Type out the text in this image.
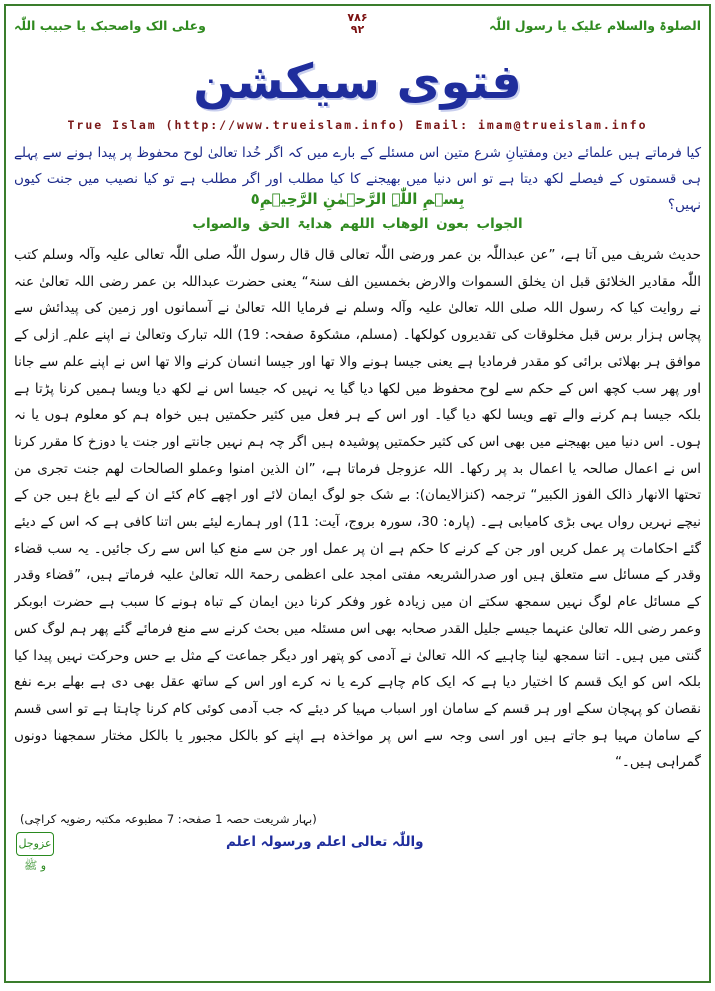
الصلوۃ والسلام علیک یا رسول اللّٰہ
۷۸۶
۹۲
وعلی الک واصحبک یا حبیب اللّٰہ
فتوی سیکشن
True Islam (http://www.trueislam.info) Email: imam@trueislam.info
کیا فرماتے ہیں علمائے دین ومفتیانِ شرع متین اس مسئلے کے بارے میں کہ اگر خُدا تعالیٰ لوح محفوظ پر پیدا ہونے سے پہلے ہی قسمتوں کے فیصلے لکھ دیتا ہے تو اس دنیا میں بھیجنے کا کیا مطلب اور اگر مطلب ہے تو کیا نصیب میں جنت کیوں نہیں؟
بِسۡمِ اللّٰہِ الرَّحۡمٰنِ الرَّحِیۡمِ٥
الجواب بعون الوھاب اللھم ھدایۃ الحق والصواب
حدیث شریف میں آتا ہے، ”عن عبداللّٰہ بن عمر ورضی اللّٰہ تعالی قال قال رسول اللّٰہ صلی اللّٰہ تعالی علیہ وآلہ وسلم کتب اللّٰہ مقادیر الخلائق قبل ان یخلق السموات والارض بخمسین الف سنۃ“ یعنی حضرت عبداللہ بن عمر رضی اللہ تعالیٰ عنہ نے روایت کیا کہ رسول اللہ صلی اللہ تعالیٰ علیہ وآلہ وسلم نے فرمایا اللہ تعالیٰ نے آسمانوں اور زمین کی پیدائش سے پچاس ہزار برس قبل مخلوقات کی تقدیروں کولکھا۔ (مسلم، مشکوۃ صفحہ: 19) اللہ تبارک وتعالیٰ نے اپنے علم ِ ازلی کے موافق ہر بھلائی برائی کو مقدر فرمادیا ہے یعنی جیسا ہونے والا تھا اور جیسا انسان کرنے والا تھا اس نے اپنے علم سے جانا اور پھر سب کچھ اس کے حکم سے لوح محفوظ میں لکھا دیا گیا یہ نہیں کہ جیسا اس نے لکھ دیا ویسا ہمیں کرنا پڑتا ہے بلکہ جیسا ہم کرنے والے تھے ویسا لکھ دیا گیا۔ اور اس کے ہر فعل میں کثیر حکمتیں ہیں خواہ ہم کو معلوم ہوں یا نہ ہوں۔ اس دنیا میں بھیجنے میں بھی اس کی کثیر حکمتیں پوشیدہ ہیں اگر چہ ہم نہیں جانتے اور جنت یا دوزخ کا مقرر کرنا اس نے اعمال صالحہ یا اعمال بد پر رکھا۔ اللہ عزوجل فرماتا ہے، ”ان الذین امنوا وعملو الصالحات لھم جنت تجری من تحتھا الانھار ذالک الفوز الکبیر“ ترجمہ (کنزالایمان): بے شک جو لوگ ایمان لائے اور اچھے کام کئے ان کے لیے باغ ہیں جن کے نیچے نہریں رواں یہی بڑی کامیابی ہے۔ (پارہ: 30، سورہ بروج، آیت: 11) اور ہمارے لیئے بس اتنا کافی ہے کہ اس کے دیئے گئے احکامات پر عمل کریں اور جن کے کرنے کا حکم ہے ان پر عمل اور جن سے منع کیا اس سے رک جائیں۔ یہ سب قضاء وقدر کے مسائل سے متعلق ہیں اور صدرالشریعہ مفتی امجد علی اعظمی رحمۃ اللہ تعالیٰ علیہ فرماتے ہیں، ”قضاء وقدر کے مسائل عام لوگ نہیں سمجھ سکتے ان میں زیادہ غور وفکر کرنا دین ایمان کے تباہ ہونے کا سبب ہے حضرت ابوبکر وعمر رضی اللہ تعالیٰ عنہما جیسے جلیل القدر صحابہ بھی اس مسئلہ میں بحث کرنے سے منع فرمائے گئے پھر ہم لوگ کس گنتی میں ہیں۔ اتنا سمجھ لینا چاہیے کہ اللہ تعالیٰ نے آدمی کو پتھر اور دیگر جماعت کے مثل بے حس وحرکت نہیں پیدا کیا بلکہ اس کو ایک قسم کا اختیار دیا ہے کہ ایک کام چاہے کرے یا نہ کرے اور اس کے ساتھ عقل بھی دی ہے بھلے برے نفع نقصان کو پہچان سکے اور ہر قسم کے سامان اور اسباب مہیا کر دیئے کہ جب آدمی کوئی کام کرنا چاہتا ہے تو اسی قسم کے سامان مہیا ہو جاتے ہیں اور اسی وجہ سے اس پر مواخذہ ہے اپنے کو بالکل مجبور یا بالکل مختار سمجھنا دونوں گمراہی ہیں۔“
(بہار شریعت حصہ 1 صفحہ: 7 مطبوعہ مکتبہ رضویہ کراچی)
واللّٰہ تعالی اعلم ورسولہ اعلم
عزوجل و ﷺ
